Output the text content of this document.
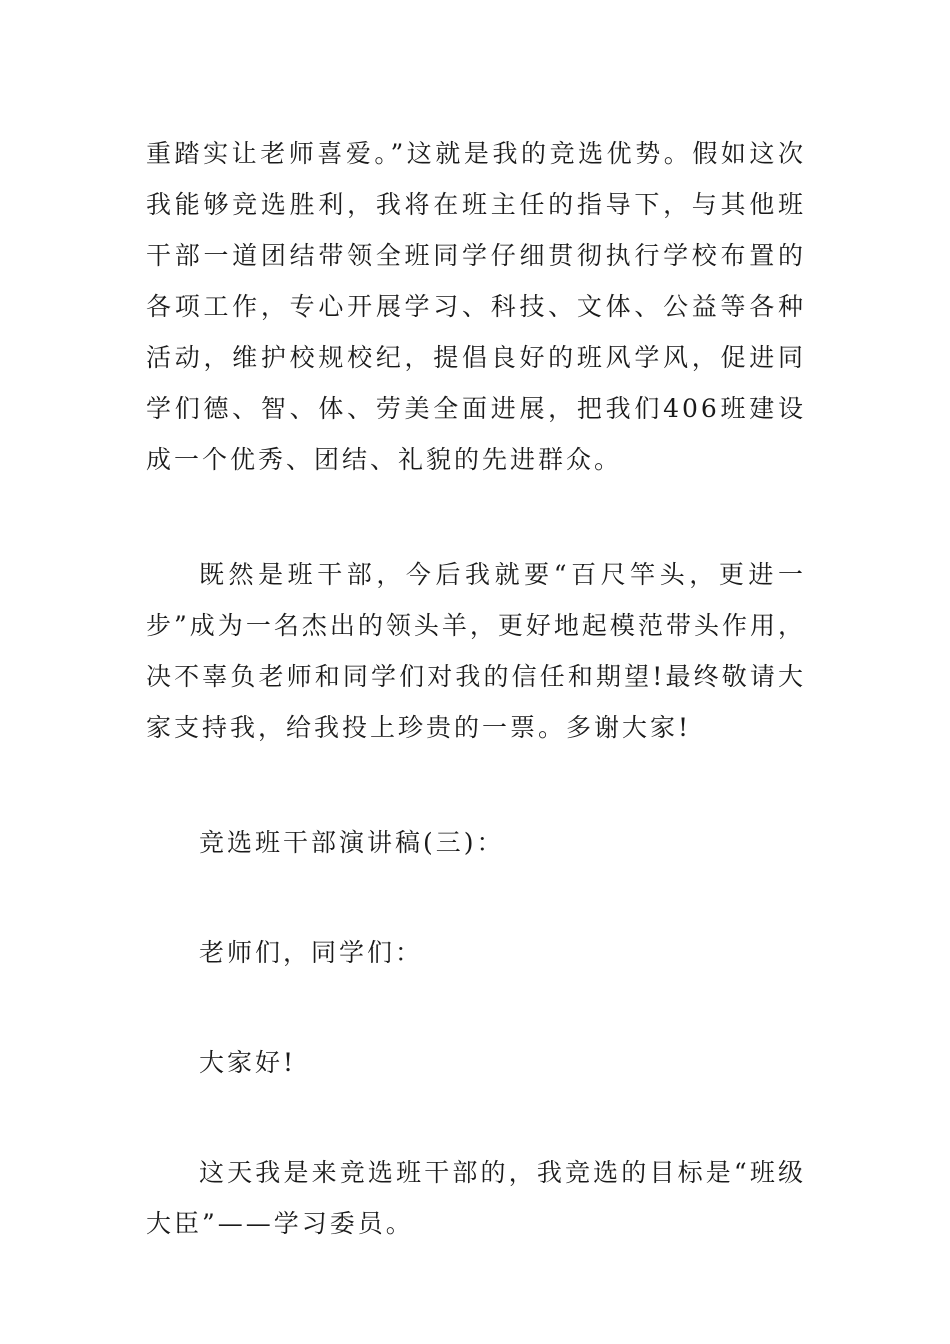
重踏实让老师喜爱。”这就是我的竞选优势。假如这次我能够竞选胜利，我将在班主任的指导下，与其他班干部一道团结带领全班同学仔细贯彻执行学校布置的各项工作，专心开展学习、科技、文体、公益等各种活动，维护校规校纪，提倡良好的班风学风，促进同学们德、智、体、劳美全面进展，把我们406班建设成一个优秀、团结、礼貌的先进群众。

既然是班干部，今后我就要“百尺竿头，更进一步”成为一名杰出的领头羊，更好地起模范带头作用，决不辜负老师和同学们对我的信任和期望!最终敬请大家支持我，给我投上珍贵的一票。多谢大家!

竞选班干部演讲稿(三)：

老师们，同学们：

大家好!

这天我是来竞选班干部的，我竞选的目标是“班级大臣”——学习委员。
